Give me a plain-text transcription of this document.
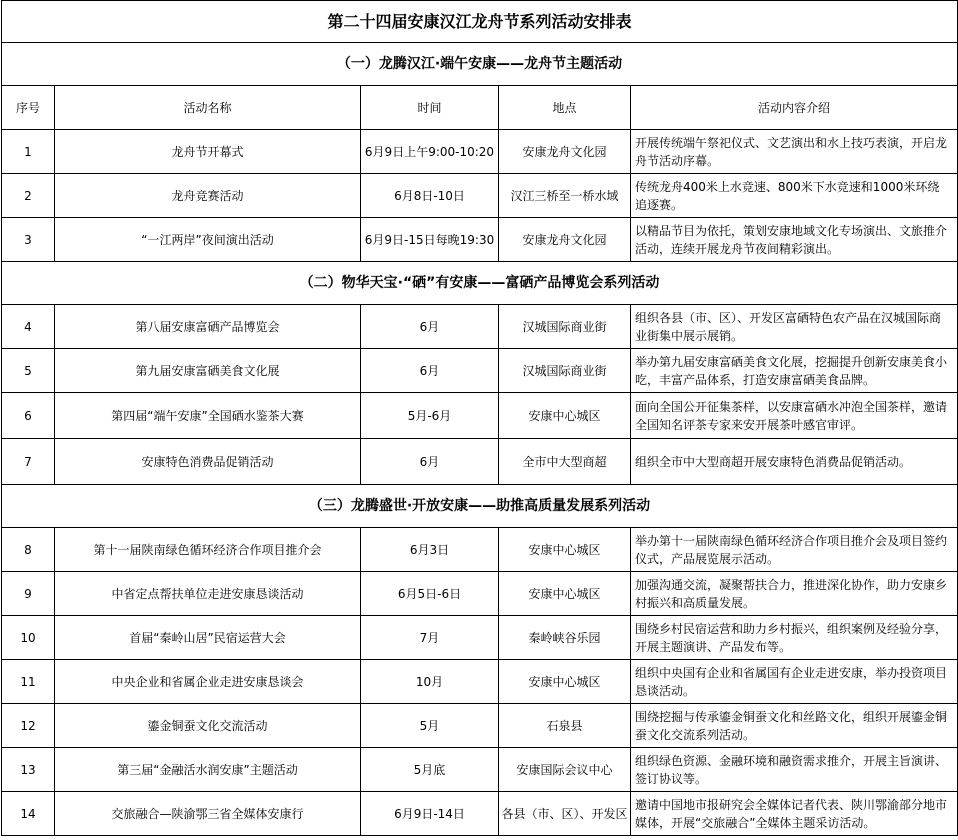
第二十四届安康汉江龙舟节系列活动安排表				
（一）龙腾汉江·端午安康——龙舟节主题活动				
序号	活动名称	时间	地点	活动内容介绍
1	龙舟节开幕式	6月9日上午9:00-10:20	安康龙舟文化园	开展传统端午祭祀仪式、文艺演出和水上技巧表演，开启龙舟节活动序幕。
2	龙舟竞赛活动	6月8日-10日	汉江三桥至一桥水域	传统龙舟400米上水竞速、800米下水竞速和1000米环绕追逐赛。
3	“一江两岸”夜间演出活动	6月9日-15日每晚19:30	安康龙舟文化园	以精品节目为依托，策划安康地域文化专场演出、文旅推介活动，连续开展龙舟节夜间精彩演出。
（二）物华天宝·“硒”有安康——富硒产品博览会系列活动				
4	第八届安康富硒产品博览会	6月	汉城国际商业街	组织各县（市、区）、开发区富硒特色农产品在汉城国际商业街集中展示展销。
5	第九届安康富硒美食文化展	6月	汉城国际商业街	举办第九届安康富硒美食文化展，挖掘提升创新安康美食小吃，丰富产品体系，打造安康富硒美食品牌。
6	第四届“端午安康”全国硒水鉴茶大赛	5月-6月	安康中心城区	面向全国公开征集茶样，以安康富硒水冲泡全国茶样，邀请全国知名评茶专家来安开展茶叶感官审评。
7	安康特色消费品促销活动	6月	全市中大型商超	组织全市中大型商超开展安康特色消费品促销活动。
（三）龙腾盛世·开放安康——助推高质量发展系列活动				
8	第十一届陕南绿色循环经济合作项目推介会	6月3日	安康中心城区	举办第十一届陕南绿色循环经济合作项目推介会及项目签约仪式，产品展览展示活动。
9	中省定点帮扶单位走进安康恳谈活动	6月5日-6日	安康中心城区	加强沟通交流，凝聚帮扶合力，推进深化协作，助力安康乡村振兴和高质量发展。
10	首届“秦岭山居”民宿运营大会	7月	秦岭峡谷乐园	围绕乡村民宿运营和助力乡村振兴，组织案例及经验分享，开展主题演讲、产品发布等。
11	中央企业和省属企业走进安康恳谈会	10月	安康中心城区	组织中央国有企业和省属国有企业走进安康，举办投资项目恳谈活动。
12	鎏金铜蚕文化交流活动	5月	石泉县	围绕挖掘与传承鎏金铜蚕文化和丝路文化，组织开展鎏金铜蚕文化交流系列活动。
13	第三届“金融活水润安康”主题活动	5月底	安康国际会议中心	组织绿色资源、金融环境和融资需求推介，开展主旨演讲、签订协议等。
14	交旅融合—陕渝鄂三省全媒体安康行	6月9日-14日	各县（市、区）、开发区	邀请中国地市报研究会全媒体记者代表、陕川鄂渝部分地市媒体，开展“交旅融合”全媒体主题采访活动。
